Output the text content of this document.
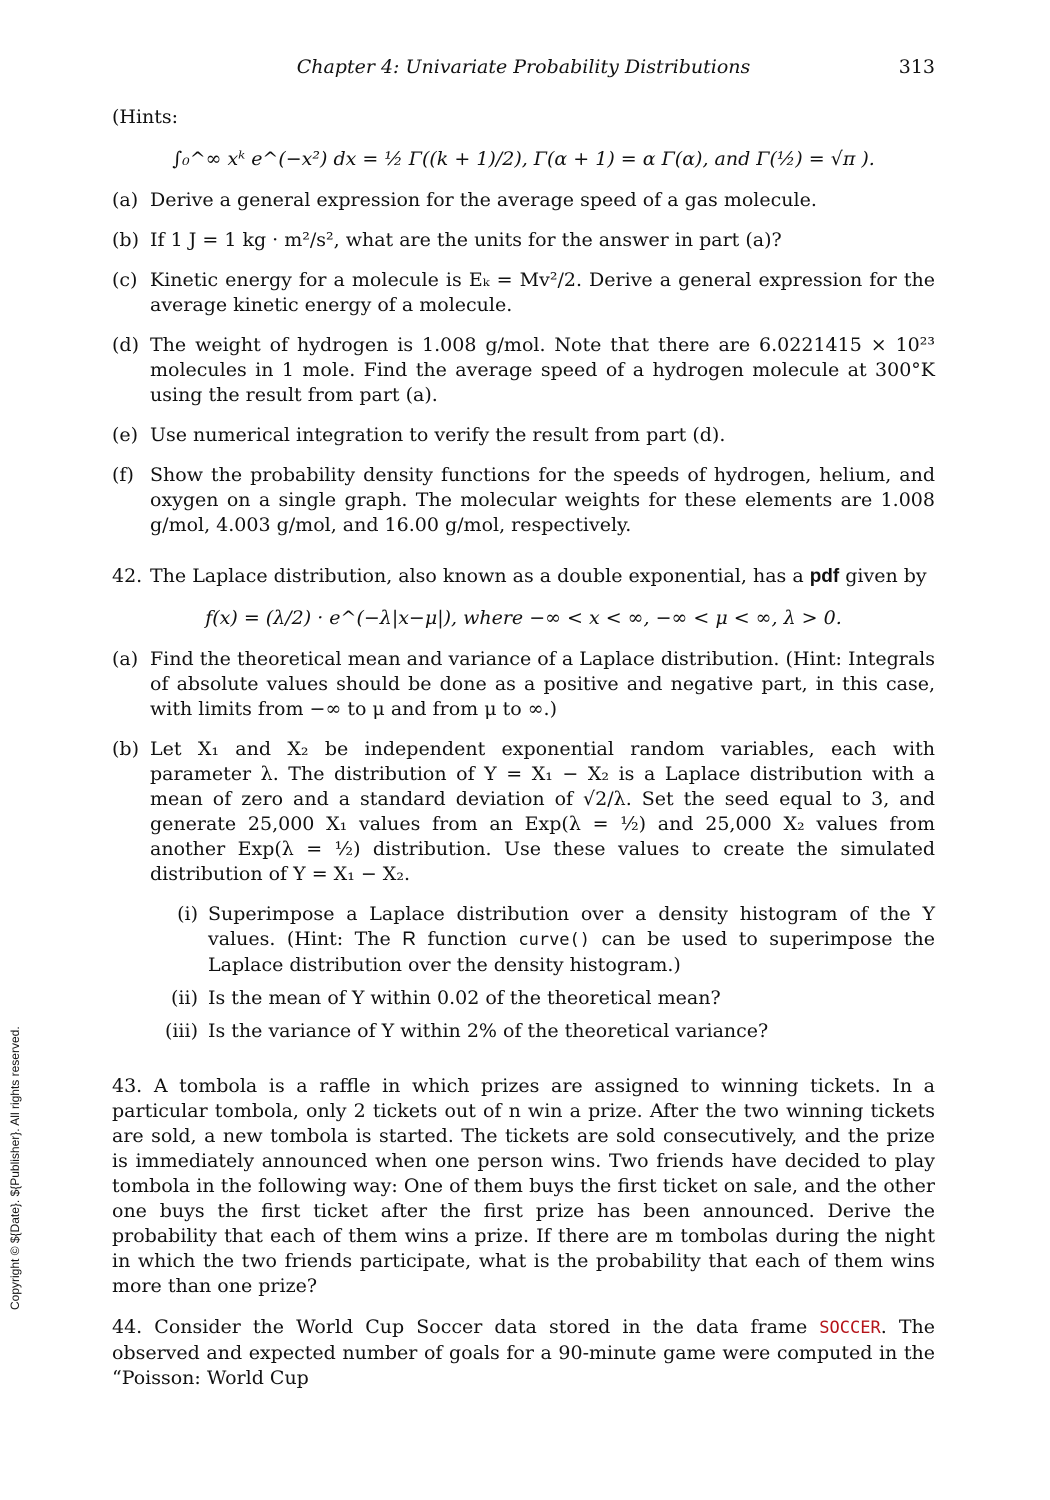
Chapter 4: Univariate Probability Distributions	313
Copyright © ${Date}. ${Publisher}. All rights reserved.
(Hints:
∫₀^∞ xᵏ e^(−x²) dx = ½ Γ((k + 1)/2), Γ(α + 1) = α Γ(α), and Γ(½) = √π ).
(a) Derive a general expression for the average speed of a gas molecule.
(b) If 1 J = 1 kg · m²/s², what are the units for the answer in part (a)?
(c) Kinetic energy for a molecule is Eₖ = Mv²/2. Derive a general expression for the average kinetic energy of a molecule.
(d) The weight of hydrogen is 1.008 g/mol. Note that there are 6.0221415 × 10²³ molecules in 1 mole. Find the average speed of a hydrogen molecule at 300°K using the result from part (a).
(e) Use numerical integration to verify the result from part (d).
(f) Show the probability density functions for the speeds of hydrogen, helium, and oxygen on a single graph. The molecular weights for these elements are 1.008 g/mol, 4.003 g/mol, and 16.00 g/mol, respectively.
42. The Laplace distribution, also known as a double exponential, has a pdf given by
f(x) = (λ/2) · e^(−λ|x−μ|), where −∞ < x < ∞, −∞ < μ < ∞, λ > 0.
(a) Find the theoretical mean and variance of a Laplace distribution. (Hint: Integrals of absolute values should be done as a positive and negative part, in this case, with limits from −∞ to μ and from μ to ∞.)
(b) Let X₁ and X₂ be independent exponential random variables, each with parameter λ. The distribution of Y = X₁ − X₂ is a Laplace distribution with a mean of zero and a standard deviation of √2/λ. Set the seed equal to 3, and generate 25,000 X₁ values from an Exp(λ = ½) and 25,000 X₂ values from another Exp(λ = ½) distribution. Use these values to create the simulated distribution of Y = X₁ − X₂.
(i) Superimpose a Laplace distribution over a density histogram of the Y values. (Hint: The R function curve() can be used to superimpose the Laplace distribution over the density histogram.)
(ii) Is the mean of Y within 0.02 of the theoretical mean?
(iii) Is the variance of Y within 2% of the theoretical variance?
43. A tombola is a raffle in which prizes are assigned to winning tickets. In a particular tombola, only 2 tickets out of n win a prize. After the two winning tickets are sold, a new tombola is started. The tickets are sold consecutively, and the prize is immediately announced when one person wins. Two friends have decided to play tombola in the following way: One of them buys the first ticket on sale, and the other one buys the first ticket after the first prize has been announced. Derive the probability that each of them wins a prize. If there are m tombolas during the night in which the two friends participate, what is the probability that each of them wins more than one prize?
44. Consider the World Cup Soccer data stored in the data frame SOCCER. The observed and expected number of goals for a 90-minute game were computed in the “Poisson: World Cup
